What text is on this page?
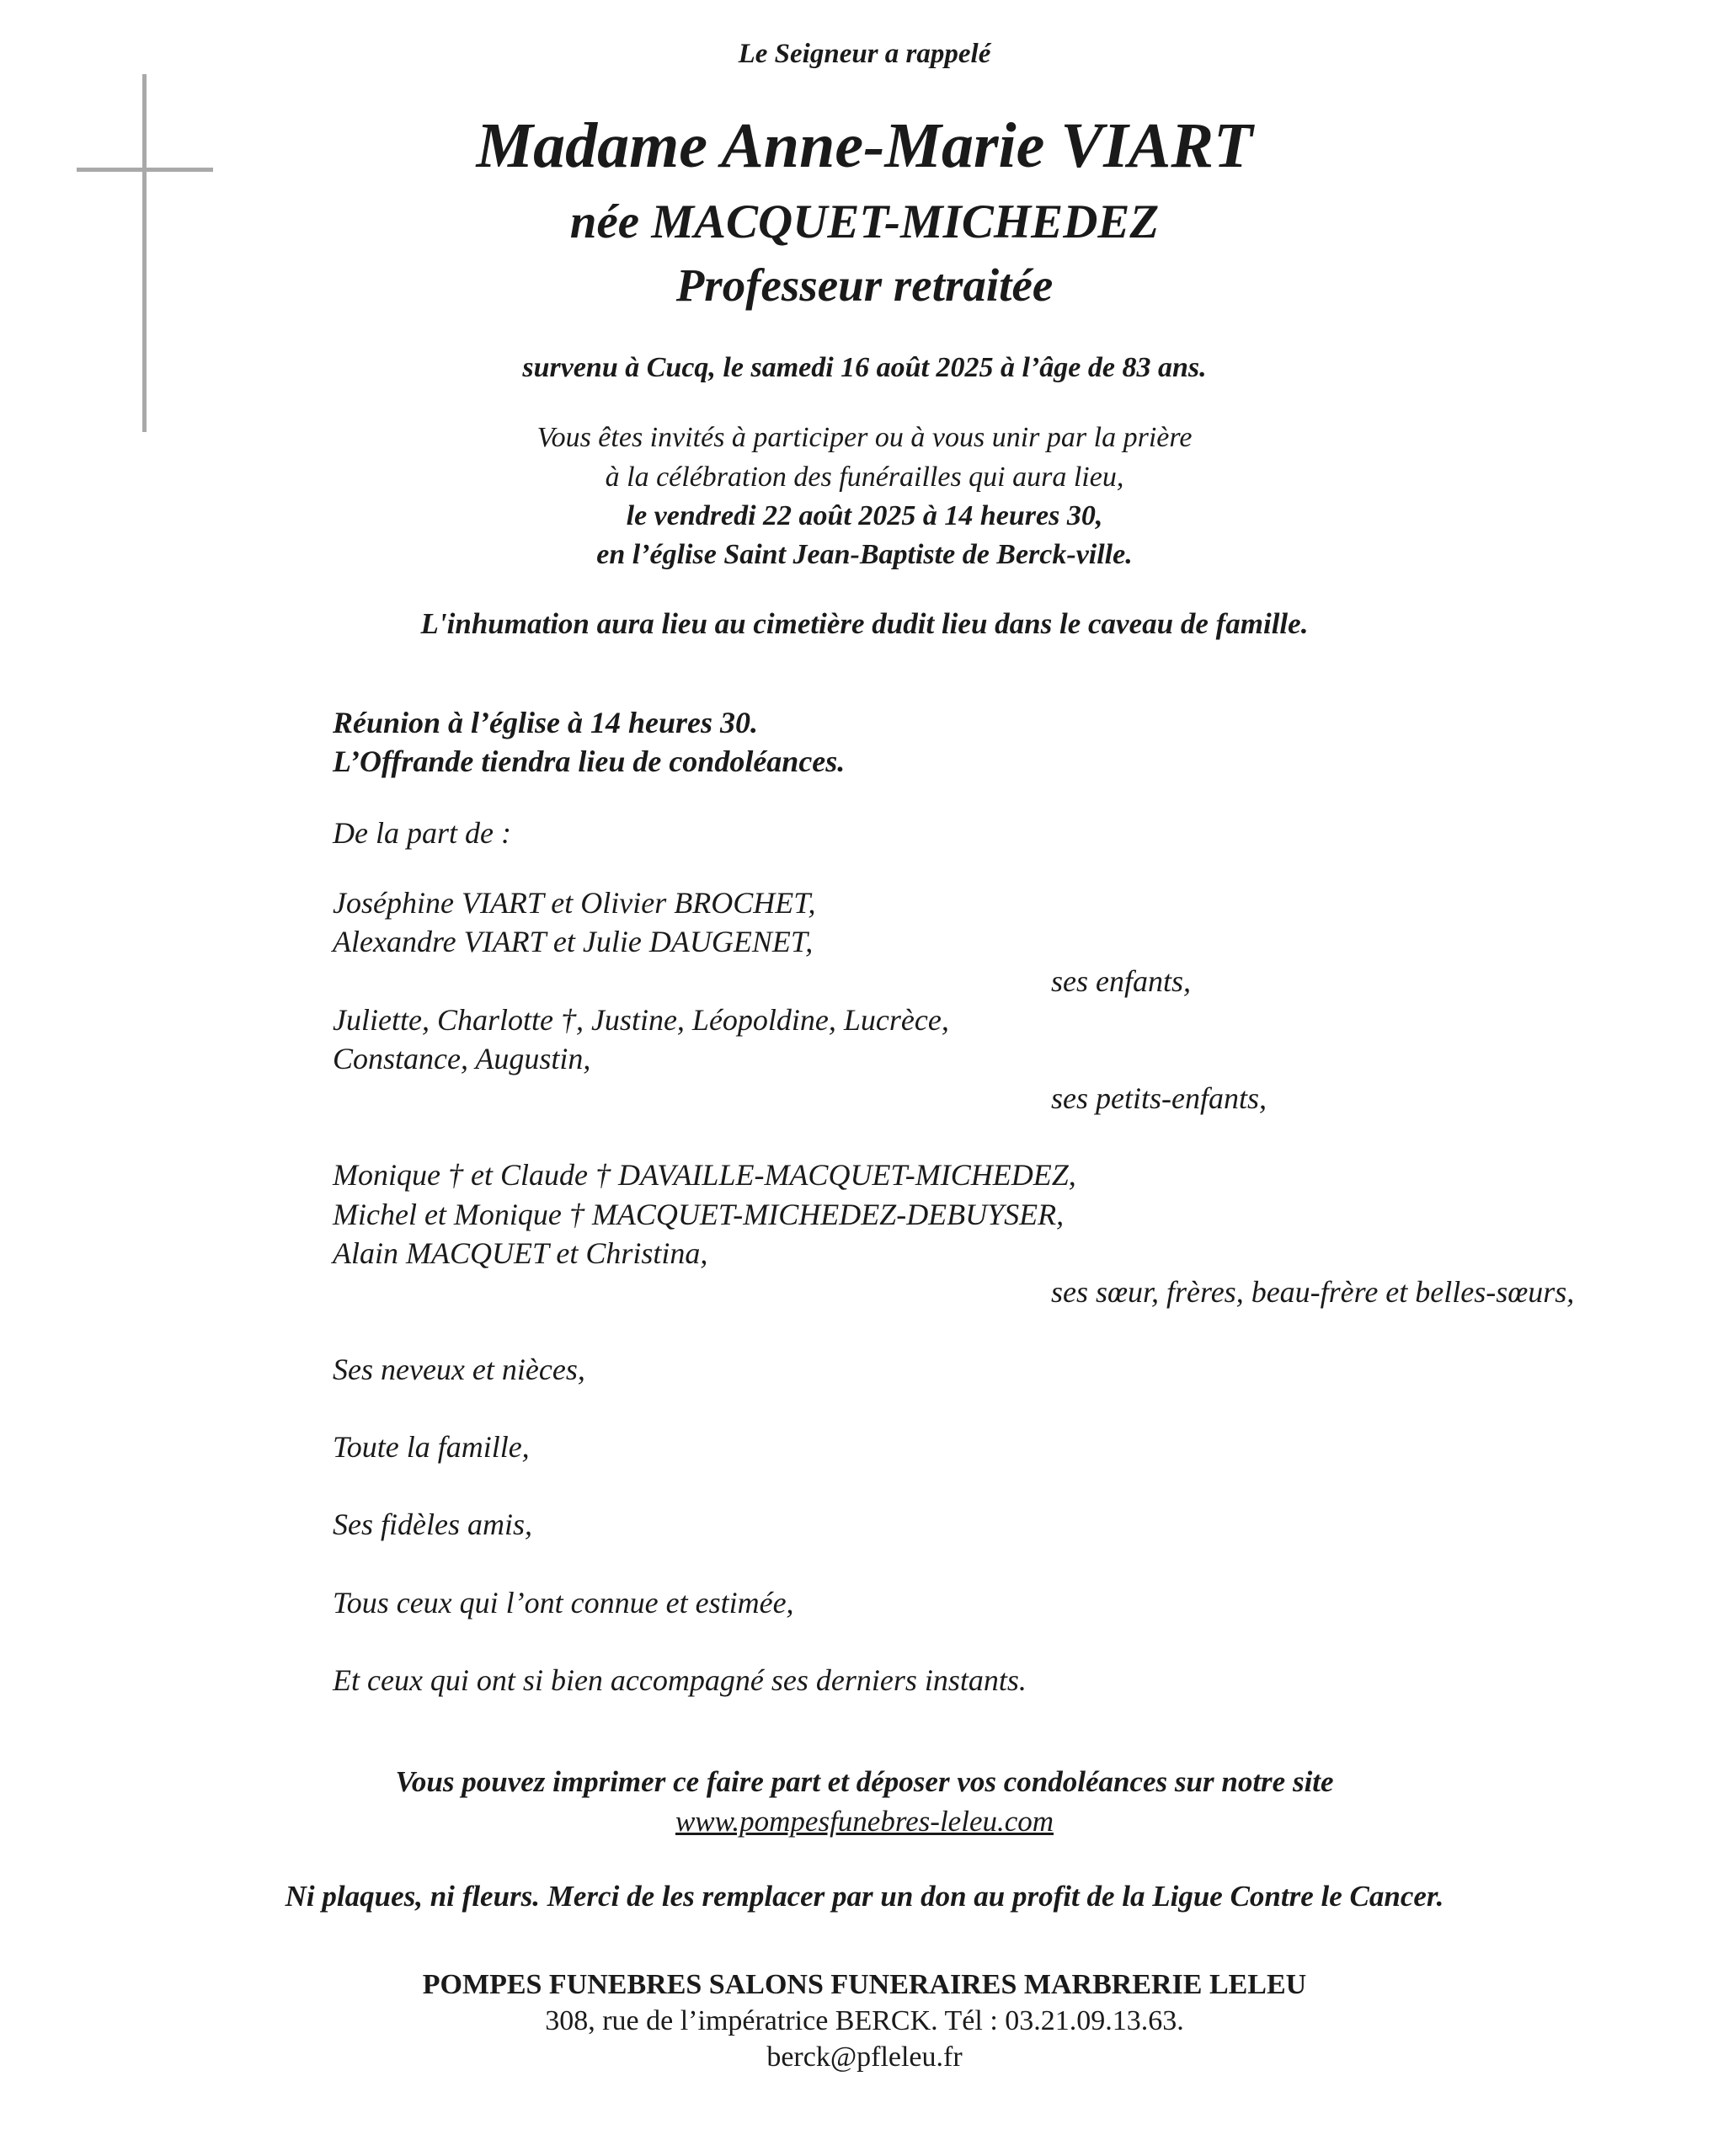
Le Seigneur a rappelé
Madame Anne-Marie VIART
née MACQUET-MICHEDEZ
Professeur retraitée
survenu à Cucq, le samedi 16 août 2025 à l’âge de 83 ans.
Vous êtes invités à participer ou à vous unir par la prière
à la célébration des funérailles qui aura lieu,
le vendredi 22 août 2025 à 14 heures 30,
en l’église Saint Jean-Baptiste de Berck-ville.
L'inhumation aura lieu au cimetière dudit lieu dans le caveau de famille.
Réunion à l’église à 14 heures 30.
L’Offrande tiendra lieu de condoléances.
De la part de :
Joséphine VIART et Olivier BROCHET,
Alexandre VIART et Julie DAUGENET,
ses enfants,
Juliette, Charlotte †, Justine, Léopoldine, Lucrèce,
Constance, Augustin,
ses petits-enfants,
Monique † et Claude † DAVAILLE-MACQUET-MICHEDEZ,
Michel et Monique † MACQUET-MICHEDEZ-DEBUYSER,
Alain MACQUET et Christina,
ses sœur, frères, beau-frère et belles-sœurs,
Ses neveux et nièces,
Toute la famille,
Ses fidèles amis,
Tous ceux qui l’ont connue et estimée,
Et ceux qui ont si bien accompagné ses derniers instants.
Vous pouvez imprimer ce faire part et déposer vos condoléances sur notre site
www.pompesfunebres-leleu.com
Ni plaques, ni fleurs. Merci de les remplacer par un don au profit de la Ligue Contre le Cancer.
POMPES FUNEBRES SALONS FUNERAIRES MARBRERIE LELEU
308, rue de l’impératrice BERCK. Tél : 03.21.09.13.63.
berck@pfleleu.fr
